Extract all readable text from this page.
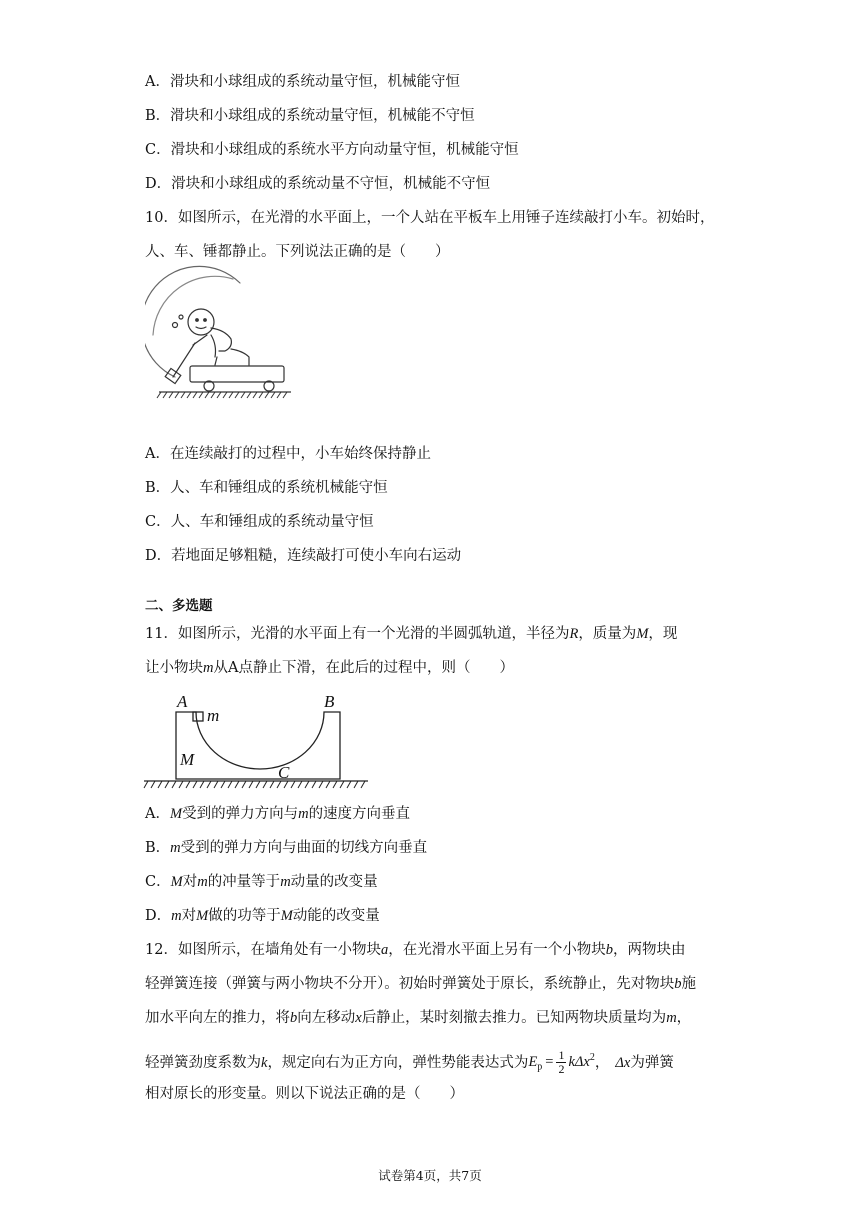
A．滑块和小球组成的系统动量守恒，机械能守恒
B．滑块和小球组成的系统动量守恒，机械能不守恒
C．滑块和小球组成的系统水平方向动量守恒，机械能守恒
D．滑块和小球组成的系统动量不守恒，机械能不守恒
10．如图所示，在光滑的水平面上，一个人站在平板车上用锤子连续敲打小车。初始时，
人、车、锤都静止。下列说法正确的是（　　）
A．在连续敲打的过程中，小车始终保持静止
B．人、车和锤组成的系统机械能守恒
C．人、车和锤组成的系统动量守恒
D．若地面足够粗糙，连续敲打可使小车向右运动
二、多选题
11．如图所示，光滑的水平面上有一个光滑的半圆弧轨道，半径为R，质量为M，现
让小物块m从A点静止下滑，在此后的过程中，则（　　）
A	B
C
M
m
A．M受到的弹力方向与m的速度方向垂直
B．m受到的弹力方向与曲面的切线方向垂直
C．M对m的冲量等于m动量的改变量
D．m对M做的功等于M动能的改变量
12．如图所示，在墙角处有一小物块a，在光滑水平面上另有一个小物块b，两物块由
轻弹簧连接（弹簧与两小物块不分开）。初始时弹簧处于原长，系统静止，先对物块b施
加水平向左的推力，将b向左移动x后静止，某时刻撤去推力。已知两物块质量均为m，
轻弹簧劲度系数为k，规定向右为正方向，弹性势能表达式为$E_p = \frac{1}{2} k\Delta x^2$， Δx为弹簧
相对原长的形变量。则以下说法正确的是（　　）
试卷第4页，共7页
